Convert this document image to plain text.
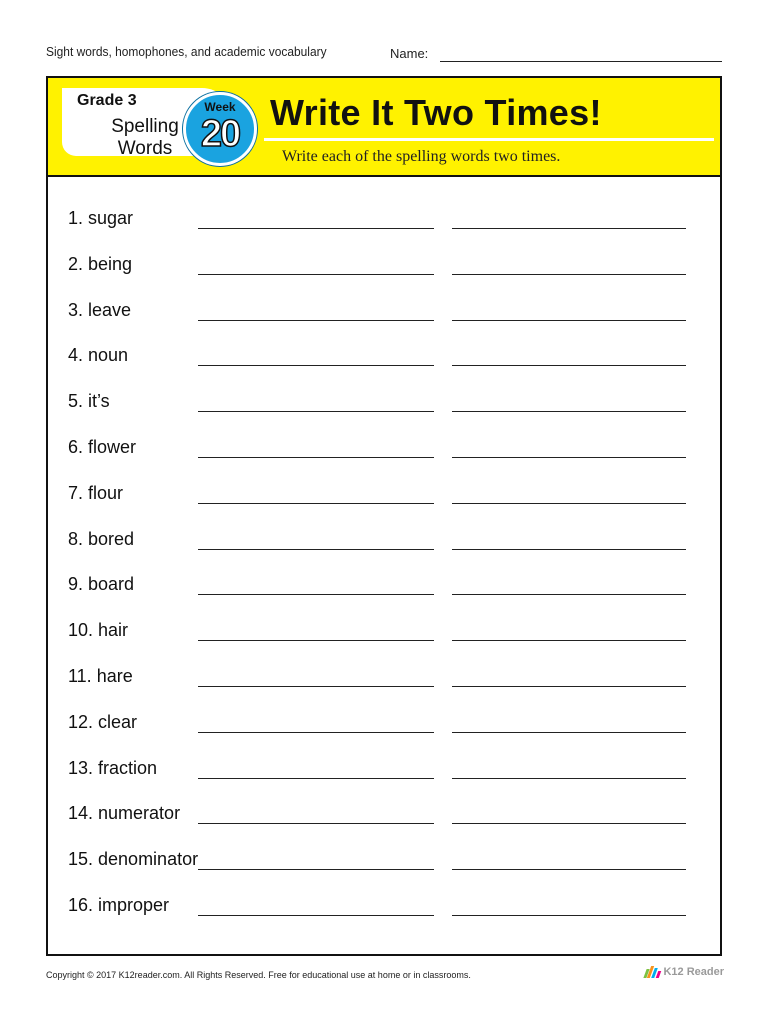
Sight words, homophones, and academic vocabulary	Name:
Grade 3
Spelling
Words
Week
20
Write It Two Times!
Write each of the spelling words two times.
1. sugar
2. being
3. leave
4. noun
5. it’s
6. flower
7. flour
8. bored
9. board
10. hair
11. hare
12. clear
13. fraction
14. numerator
15. denominator
16. improper
Copyright © 2017 K12reader.com. All Rights Reserved. Free for educational use at home or in classrooms.	K12 Reader
